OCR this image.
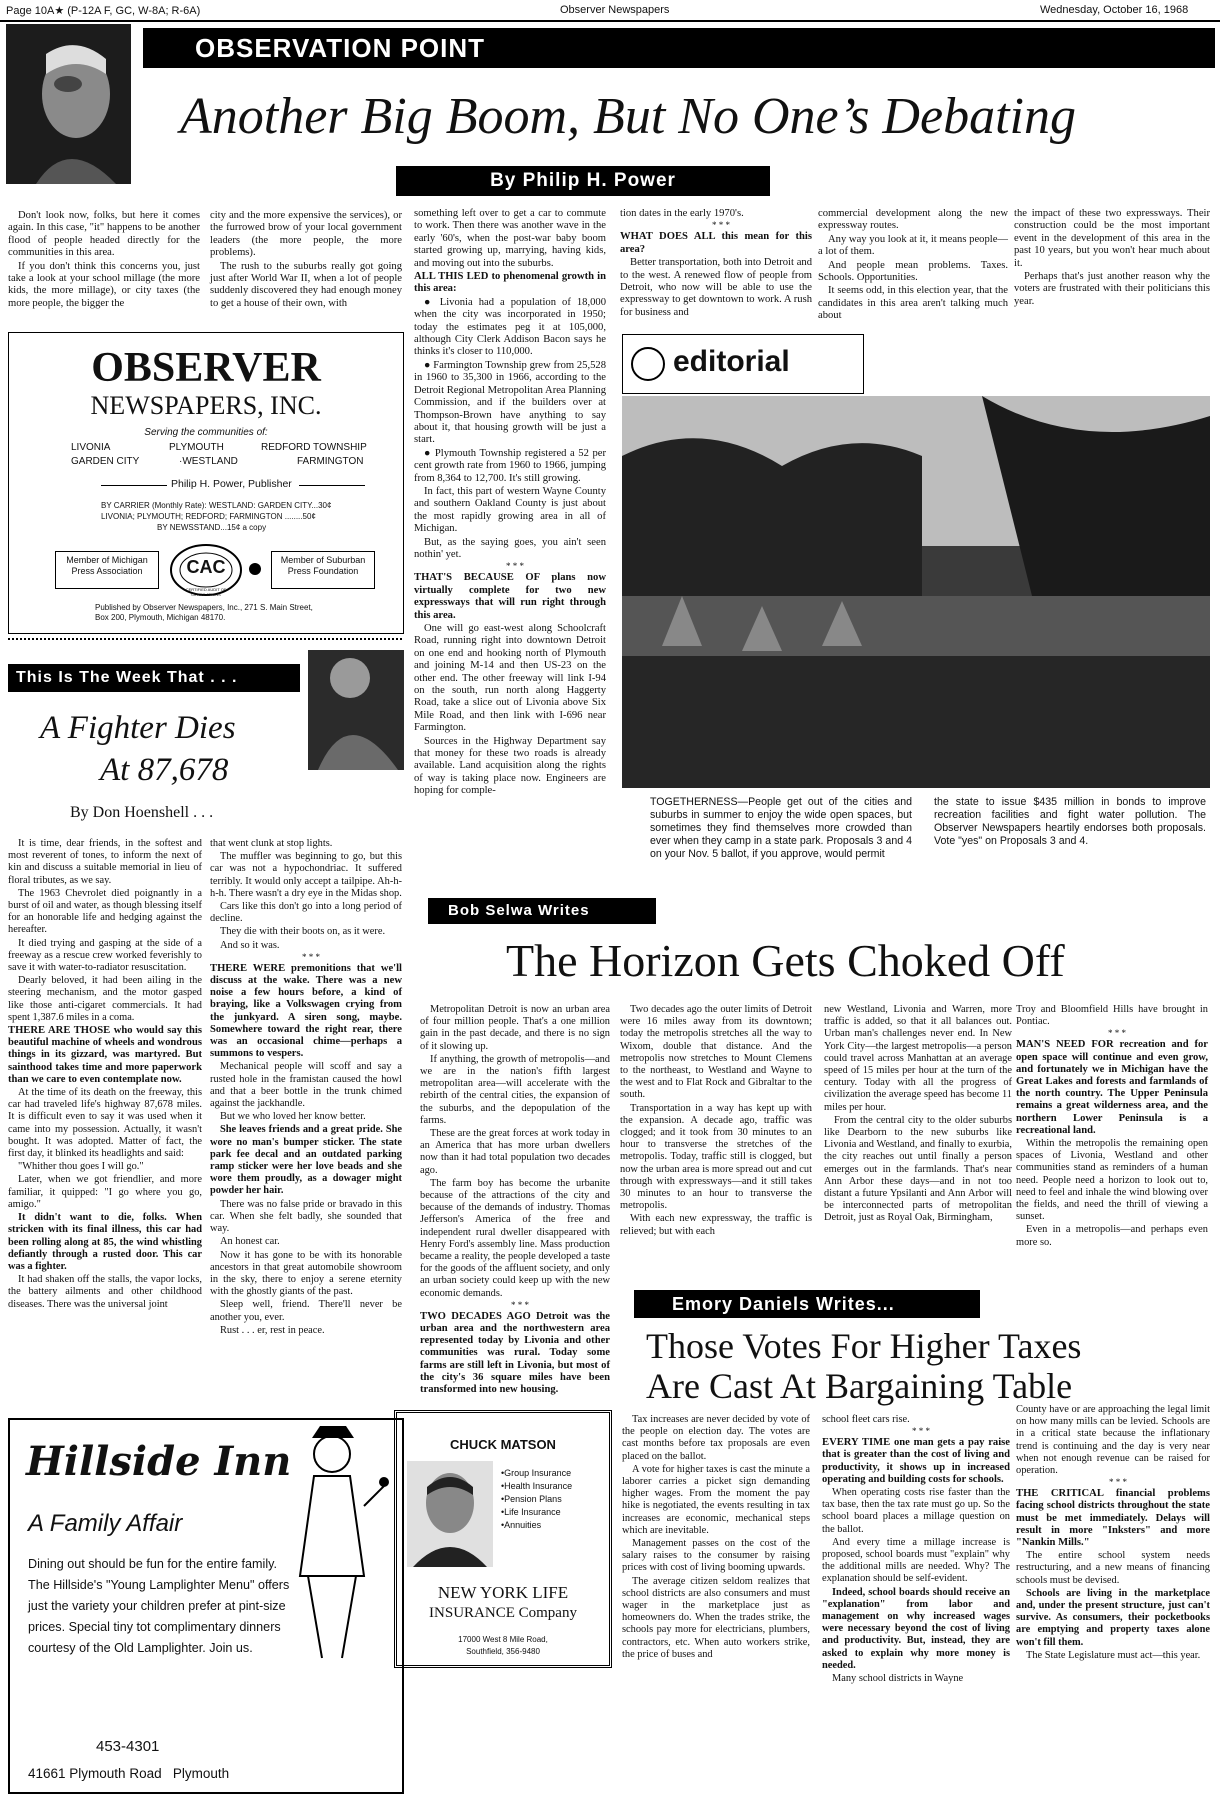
Page 10A★ (P-12A F, GC, W-8A; R-6A)	Observer Newspapers	Wednesday, October 16, 1968
OBSERVATION POINT
Another Big Boom, But No One’s Debating
By Philip H. Power

Don't look now, folks, but here it comes again. In this case, "it" happens to be another flood of people headed directly for the communities in this area.

If you don't think this concerns you, just take a look at your school millage (the more kids, the more millage), or city taxes (the more people, the bigger the

city and the more expensive the services), or the furrowed brow of your local government leaders (the more people, the more problems).

The rush to the suburbs really got going just after World War II, when a lot of people suddenly discovered they had enough money to get a house of their own, with

something left over to get a car to commute to work. Then there was another wave in the early '60's, when the post-war baby boom started growing up, marrying, having kids, and moving out into the suburbs.

ALL THIS LED to phenomenal growth in this area:

● Livonia had a population of 18,000 when the city was incorporated in 1950; today the estimates peg it at 105,000, although City Clerk Addison Bacon says he thinks it's closer to 110,000.

● Farmington Township grew from 25,528 in 1960 to 35,300 in 1966, according to the Detroit Regional Metropolitan Area Planning Commission, and if the builders over at Thompson-Brown have anything to say about it, that housing growth will be just a start.

● Plymouth Township registered a 52 per cent growth rate from 1960 to 1966, jumping from 8,364 to 12,700. It's still growing.

In fact, this part of western Wayne County and southern Oakland County is just about the most rapidly growing area in all of Michigan.

But, as the saying goes, you ain't seen nothin' yet.

* * *

THAT'S BECAUSE OF plans now virtually complete for two new expressways that will run right through this area.

One will go east-west along Schoolcraft Road, running right into downtown Detroit on one end and hooking north of Plymouth and joining M-14 and then US-23 on the other end. The other freeway will link I-94 on the south, run north along Haggerty Road, take a slice out of Livonia above Six Mile Road, and then link with I-696 near Farmington.

Sources in the Highway Department say that money for these two roads is already available. Land acquisition along the rights of way is taking place now. Engineers are hoping for comple-

tion dates in the early 1970's.

* * *

WHAT DOES ALL this mean for this area?

Better transportation, both into Detroit and to the west. A renewed flow of people from Detroit, who now will be able to use the expressway to get downtown to work. A rush for business and

commercial development along the new expressway routes.

Any way you look at it, it means people—a lot of them.

And people mean problems. Taxes. Schools. Opportunities.

It seems odd, in this election year, that the candidates in this area aren't talking much about

the impact of these two expressways. Their construction could be the most important event in the development of this area in the past 10 years, but you won't hear much about it.

Perhaps that's just another reason why the voters are frustrated with their politicians this year.

OBSERVER
NEWSPAPERS, INC.
Serving the communities of:
LIVONIA	PLYMOUTH	REDFORD TOWNSHIP
GARDEN CITY	·WESTLAND	FARMINGTON
Philip H. Power, Publisher
BY CARRIER (Monthly Rate): WESTLAND: GARDEN CITY...30¢
LIVONIA; PLYMOUTH; REDFORD; FARMINGTON ........50¢
BY NEWSSTAND...15¢ a copy
Member of Michigan Press Association	CAC
CERTIFIED AUDIT OF CIRCULATIONS
Member of Suburban Press Foundation
Published by Observer Newspapers, Inc., 271 S. Main Street, Box 200, Plymouth, Michigan 48170.
editorial
TOGETHERNESS—People get out of the cities and suburbs in summer to enjoy the wide open spaces, but sometimes they find themselves more crowded than ever when they camp in a state park. Proposals 3 and 4 on your Nov. 5 ballot, if you approve, would permit
the state to issue $435 million in bonds to improve recreation facilities and fight water pollution. The Observer Newspapers heartily endorses both proposals. Vote "yes" on Proposals 3 and 4.
This Is The Week That . . .
A Fighter Dies
At 87,678
By Don Hoenshell . . .

It is time, dear friends, in the softest and most reverent of tones, to inform the next of kin and discuss a suitable memorial in lieu of floral tributes, as we say.

The 1963 Chevrolet died poignantly in a burst of oil and water, as though blessing itself for an honorable life and hedging against the hereafter.

It died trying and gasping at the side of a freeway as a rescue crew worked feverishly to save it with water-to-radiator resuscitation.

Dearly beloved, it had been ailing in the steering mechanism, and the motor gasped like those anti-cigaret commercials. It had spent 1,387.6 miles in a coma.

THERE ARE THOSE who would say this beautiful machine of wheels and wondrous things in its gizzard, was martyred. But sainthood takes time and more paperwork than we care to even contemplate now.

At the time of its death on the freeway, this car had traveled life's highway 87,678 miles. It is difficult even to say it was used when it came into my possession. Actually, it wasn't bought. It was adopted. Matter of fact, the first day, it blinked its headlights and said:

"Whither thou goes I will go."

Later, when we got friendlier, and more familiar, it quipped: "I go where you go, amigo."

It didn't want to die, folks. When stricken with its final illness, this car had been rolling along at 85, the wind whistling defiantly through a rusted door. This car was a fighter.

It had shaken off the stalls, the vapor locks, the battery ailments and other childhood diseases. There was the universal joint

that went clunk at stop lights.

The muffler was beginning to go, but this car was not a hypochondriac. It suffered terribly. It would only accept a tailpipe. Ah-h-h-h. There wasn't a dry eye in the Midas shop.

Cars like this don't go into a long period of decline.

They die with their boots on, as it were.

And so it was.

* * *

THERE WERE premonitions that we'll discuss at the wake. There was a new noise a few hours before, a kind of braying, like a Volkswagen crying from the junkyard. A siren song, maybe. Somewhere toward the right rear, there was an occasional chime—perhaps a summons to vespers.

Mechanical people will scoff and say a rusted hole in the framistan caused the howl and that a beer bottle in the trunk chimed against the jackhandle.

But we who loved her know better.

She leaves friends and a great pride. She wore no man's bumper sticker. The state park fee decal and an outdated parking ramp sticker were her love beads and she wore them proudly, as a dowager might powder her hair.

There was no false pride or bravado in this car. When she felt badly, she sounded that way.

An honest car.

Now it has gone to be with its honorable ancestors in that great automobile showroom in the sky, there to enjoy a serene eternity with the ghostly giants of the past.

Sleep well, friend. There'll never be another you, ever.

Rust . . . er, rest in peace.

Bob Selwa Writes
The Horizon Gets Choked Off

Metropolitan Detroit is now an urban area of four million people. That's a one million gain in the past decade, and there is no sign of it slowing up.

If anything, the growth of metropolis—and we are in the nation's fifth largest metropolitan area—will accelerate with the rebirth of the central cities, the expansion of the suburbs, and the depopulation of the farms.

These are the great forces at work today in an America that has more urban dwellers now than it had total population two decades ago.

The farm boy has become the urbanite because of the attractions of the city and because of the demands of industry. Thomas Jefferson's America of the free and independent rural dweller disappeared with Henry Ford's assembly line. Mass production became a reality, the people developed a taste for the goods of the affluent society, and only an urban society could keep up with the new economic demands.

* * *

TWO DECADES AGO Detroit was the urban area and the northwestern area represented today by Livonia and other communities was rural. Today some farms are still left in Livonia, but most of the city's 36 square miles have been transformed into new housing.

Two decades ago the outer limits of Detroit were 16 miles away from its downtown; today the metropolis stretches all the way to Wixom, double that distance. And the metropolis now stretches to Mount Clemens to the northeast, to Westland and Wayne to the west and to Flat Rock and Gibraltar to the south.

Transportation in a way has kept up with the expansion. A decade ago, traffic was clogged; and it took from 30 minutes to an hour to transverse the stretches of the metropolis. Today, traffic still is clogged, but now the urban area is more spread out and cut through with expressways—and it still takes 30 minutes to an hour to transverse the metropolis.

With each new expressway, the traffic is relieved; but with each

new Westland, Livonia and Warren, more traffic is added, so that it all balances out. Urban man's challenges never end. In New York City—the largest metropolis—a person could travel across Manhattan at an average speed of 15 miles per hour at the turn of the century. Today with all the progress of civilization the average speed has become 11 miles per hour.

From the central city to the older suburbs like Dearborn to the new suburbs like Livonia and Westland, and finally to exurbia, the city reaches out until finally a person emerges out in the farmlands. That's near Ann Arbor these days—and in not too distant a future Ypsilanti and Ann Arbor will be interconnected parts of metropolitan Detroit, just as Royal Oak, Birmingham,

Troy and Bloomfield Hills have brought in Pontiac.

* * *

MAN'S NEED FOR recreation and for open space will continue and even grow, and fortunately we in Michigan have the Great Lakes and forests and farmlands of the north country. The Upper Peninsula remains a great wilderness area, and the northern Lower Peninsula is a recreational land.

Within the metropolis the remaining open spaces of Livonia, Westland and other communities stand as reminders of a human need. People need a horizon to look out to, need to feel and inhale the wind blowing over the fields, and need the thrill of viewing a sunset.

Even in a metropolis—and perhaps even more so.

Emory Daniels Writes...
Those Votes For Higher Taxes
Are Cast At Bargaining Table

Tax increases are never decided by vote of the people on election day. The votes are cast months before tax proposals are even placed on the ballot.

A vote for higher taxes is cast the minute a laborer carries a picket sign demanding higher wages. From the moment the pay hike is negotiated, the events resulting in tax increases are economic, mechanical steps which are inevitable.

Management passes on the cost of the salary raises to the consumer by raising prices with cost of living booming upwards.

The average citizen seldom realizes that school districts are also consumers and must wager in the marketplace just as homeowners do. When the trades strike, the schools pay more for electricians, plumbers, contractors, etc. When auto workers strike, the price of buses and

school fleet cars rise.

* * *

EVERY TIME one man gets a pay raise that is greater than the cost of living and productivity, it shows up in increased operating and building costs for schools.

When operating costs rise faster than the tax base, then the tax rate must go up. So the school board places a millage question on the ballot.

And every time a millage increase is proposed, school boards must "explain" why the additional mills are needed. Why? The explanation should be self-evident.

Indeed, school boards should receive an "explanation" from labor and management on why increased wages were necessary beyond the cost of living and productivity. But, instead, they are asked to explain why more money is needed.

Many school districts in Wayne

County have or are approaching the legal limit on how many mills can be levied. Schools are in a critical state because the inflationary trend is continuing and the day is very near when not enough revenue can be raised for operation.

* * *

THE CRITICAL financial problems facing school districts throughout the state must be met immediately. Delays will result in more "Inksters" and more "Nankin Mills."

The entire school system needs restructuring, and a new means of financing schools must be devised.

Schools are living in the marketplace and, under the present structure, just can't survive. As consumers, their pocketbooks are emptying and property taxes alone won't fill them.

The State Legislature must act—this year.

Hillside Inn
A Family Affair
Dining out should be fun for the entire family. The Hillside's "Young Lamplighter Menu" offers just the variety your children prefer at pint-size prices. Special tiny tot complimentary dinners courtesy of the Old Lamplighter. Join us.
453-4301
41661 Plymouth Road   Plymouth
CHUCK MATSON
•Group Insurance
•Health Insurance
•Pension Plans
•Life Insurance
•Annuities
NEW YORK LIFE
INSURANCE Company
17000 West 8 Mile Road,
Southfield, 356-9480
